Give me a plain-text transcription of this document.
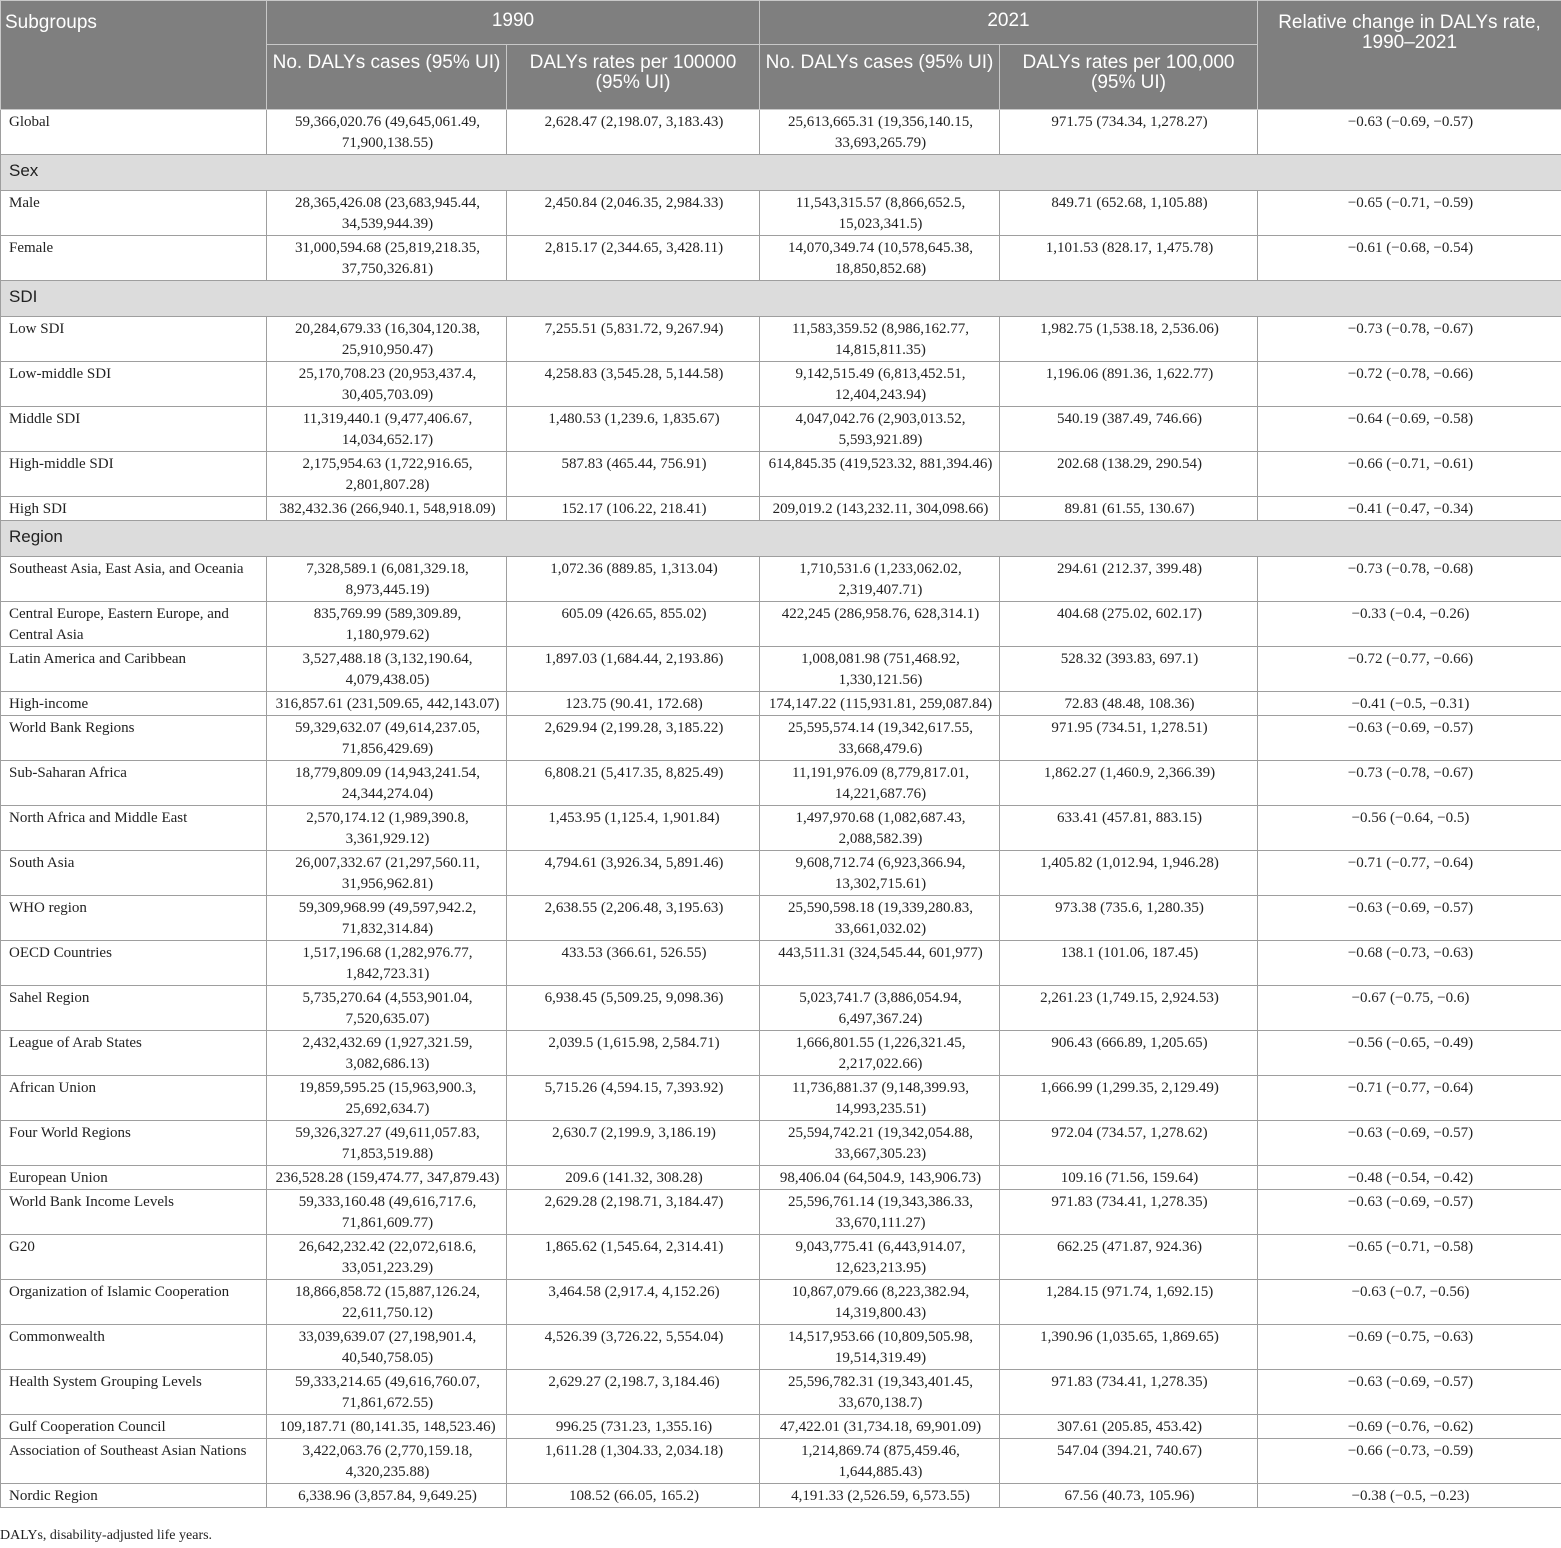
Subgroups	1990		2021		Relative change in DALYs rate, 1990–2021
	No. DALYs cases (95% UI)	DALYs rates per 100000 (95% UI)	No. DALYs cases (95% UI)	DALYs rates per 100,000 (95% UI)	
Global	59,366,020.76 (49,645,061.49, 71,900,138.55)	2,628.47 (2,198.07, 3,183.43)	25,613,665.31 (19,356,140.15, 33,693,265.79)	971.75 (734.34, 1,278.27)	−0.63 (−0.69, −0.57)
Sex					
Male	28,365,426.08 (23,683,945.44, 34,539,944.39)	2,450.84 (2,046.35, 2,984.33)	11,543,315.57 (8,866,652.5, 15,023,341.5)	849.71 (652.68, 1,105.88)	−0.65 (−0.71, −0.59)
Female	31,000,594.68 (25,819,218.35, 37,750,326.81)	2,815.17 (2,344.65, 3,428.11)	14,070,349.74 (10,578,645.38, 18,850,852.68)	1,101.53 (828.17, 1,475.78)	−0.61 (−0.68, −0.54)
SDI					
Low SDI	20,284,679.33 (16,304,120.38, 25,910,950.47)	7,255.51 (5,831.72, 9,267.94)	11,583,359.52 (8,986,162.77, 14,815,811.35)	1,982.75 (1,538.18, 2,536.06)	−0.73 (−0.78, −0.67)
Low-middle SDI	25,170,708.23 (20,953,437.4, 30,405,703.09)	4,258.83 (3,545.28, 5,144.58)	9,142,515.49 (6,813,452.51, 12,404,243.94)	1,196.06 (891.36, 1,622.77)	−0.72 (−0.78, −0.66)
Middle SDI	11,319,440.1 (9,477,406.67, 14,034,652.17)	1,480.53 (1,239.6, 1,835.67)	4,047,042.76 (2,903,013.52, 5,593,921.89)	540.19 (387.49, 746.66)	−0.64 (−0.69, −0.58)
High-middle SDI	2,175,954.63 (1,722,916.65, 2,801,807.28)	587.83 (465.44, 756.91)	614,845.35 (419,523.32, 881,394.46)	202.68 (138.29, 290.54)	−0.66 (−0.71, −0.61)
High SDI	382,432.36 (266,940.1, 548,918.09)	152.17 (106.22, 218.41)	209,019.2 (143,232.11, 304,098.66)	89.81 (61.55, 130.67)	−0.41 (−0.47, −0.34)
Region					
Southeast Asia, East Asia, and Oceania	7,328,589.1 (6,081,329.18, 8,973,445.19)	1,072.36 (889.85, 1,313.04)	1,710,531.6 (1,233,062.02, 2,319,407.71)	294.61 (212.37, 399.48)	−0.73 (−0.78, −0.68)
Central Europe, Eastern Europe, and Central Asia	835,769.99 (589,309.89, 1,180,979.62)	605.09 (426.65, 855.02)	422,245 (286,958.76, 628,314.1)	404.68 (275.02, 602.17)	−0.33 (−0.4, −0.26)
Latin America and Caribbean	3,527,488.18 (3,132,190.64, 4,079,438.05)	1,897.03 (1,684.44, 2,193.86)	1,008,081.98 (751,468.92, 1,330,121.56)	528.32 (393.83, 697.1)	−0.72 (−0.77, −0.66)
High-income	316,857.61 (231,509.65, 442,143.07)	123.75 (90.41, 172.68)	174,147.22 (115,931.81, 259,087.84)	72.83 (48.48, 108.36)	−0.41 (−0.5, −0.31)
World Bank Regions	59,329,632.07 (49,614,237.05, 71,856,429.69)	2,629.94 (2,199.28, 3,185.22)	25,595,574.14 (19,342,617.55, 33,668,479.6)	971.95 (734.51, 1,278.51)	−0.63 (−0.69, −0.57)
Sub-Saharan Africa	18,779,809.09 (14,943,241.54, 24,344,274.04)	6,808.21 (5,417.35, 8,825.49)	11,191,976.09 (8,779,817.01, 14,221,687.76)	1,862.27 (1,460.9, 2,366.39)	−0.73 (−0.78, −0.67)
North Africa and Middle East	2,570,174.12 (1,989,390.8, 3,361,929.12)	1,453.95 (1,125.4, 1,901.84)	1,497,970.68 (1,082,687.43, 2,088,582.39)	633.41 (457.81, 883.15)	−0.56 (−0.64, −0.5)
South Asia	26,007,332.67 (21,297,560.11, 31,956,962.81)	4,794.61 (3,926.34, 5,891.46)	9,608,712.74 (6,923,366.94, 13,302,715.61)	1,405.82 (1,012.94, 1,946.28)	−0.71 (−0.77, −0.64)
WHO region	59,309,968.99 (49,597,942.2, 71,832,314.84)	2,638.55 (2,206.48, 3,195.63)	25,590,598.18 (19,339,280.83, 33,661,032.02)	973.38 (735.6, 1,280.35)	−0.63 (−0.69, −0.57)
OECD Countries	1,517,196.68 (1,282,976.77, 1,842,723.31)	433.53 (366.61, 526.55)	443,511.31 (324,545.44, 601,977)	138.1 (101.06, 187.45)	−0.68 (−0.73, −0.63)
Sahel Region	5,735,270.64 (4,553,901.04, 7,520,635.07)	6,938.45 (5,509.25, 9,098.36)	5,023,741.7 (3,886,054.94, 6,497,367.24)	2,261.23 (1,749.15, 2,924.53)	−0.67 (−0.75, −0.6)
League of Arab States	2,432,432.69 (1,927,321.59, 3,082,686.13)	2,039.5 (1,615.98, 2,584.71)	1,666,801.55 (1,226,321.45, 2,217,022.66)	906.43 (666.89, 1,205.65)	−0.56 (−0.65, −0.49)
African Union	19,859,595.25 (15,963,900.3, 25,692,634.7)	5,715.26 (4,594.15, 7,393.92)	11,736,881.37 (9,148,399.93, 14,993,235.51)	1,666.99 (1,299.35, 2,129.49)	−0.71 (−0.77, −0.64)
Four World Regions	59,326,327.27 (49,611,057.83, 71,853,519.88)	2,630.7 (2,199.9, 3,186.19)	25,594,742.21 (19,342,054.88, 33,667,305.23)	972.04 (734.57, 1,278.62)	−0.63 (−0.69, −0.57)
European Union	236,528.28 (159,474.77, 347,879.43)	209.6 (141.32, 308.28)	98,406.04 (64,504.9, 143,906.73)	109.16 (71.56, 159.64)	−0.48 (−0.54, −0.42)
World Bank Income Levels	59,333,160.48 (49,616,717.6, 71,861,609.77)	2,629.28 (2,198.71, 3,184.47)	25,596,761.14 (19,343,386.33, 33,670,111.27)	971.83 (734.41, 1,278.35)	−0.63 (−0.69, −0.57)
G20	26,642,232.42 (22,072,618.6, 33,051,223.29)	1,865.62 (1,545.64, 2,314.41)	9,043,775.41 (6,443,914.07, 12,623,213.95)	662.25 (471.87, 924.36)	−0.65 (−0.71, −0.58)
Organization of Islamic Cooperation	18,866,858.72 (15,887,126.24, 22,611,750.12)	3,464.58 (2,917.4, 4,152.26)	10,867,079.66 (8,223,382.94, 14,319,800.43)	1,284.15 (971.74, 1,692.15)	−0.63 (−0.7, −0.56)
Commonwealth	33,039,639.07 (27,198,901.4, 40,540,758.05)	4,526.39 (3,726.22, 5,554.04)	14,517,953.66 (10,809,505.98, 19,514,319.49)	1,390.96 (1,035.65, 1,869.65)	−0.69 (−0.75, −0.63)
Health System Grouping Levels	59,333,214.65 (49,616,760.07, 71,861,672.55)	2,629.27 (2,198.7, 3,184.46)	25,596,782.31 (19,343,401.45, 33,670,138.7)	971.83 (734.41, 1,278.35)	−0.63 (−0.69, −0.57)
Gulf Cooperation Council	109,187.71 (80,141.35, 148,523.46)	996.25 (731.23, 1,355.16)	47,422.01 (31,734.18, 69,901.09)	307.61 (205.85, 453.42)	−0.69 (−0.76, −0.62)
Association of Southeast Asian Nations	3,422,063.76 (2,770,159.18, 4,320,235.88)	1,611.28 (1,304.33, 2,034.18)	1,214,869.74 (875,459.46, 1,644,885.43)	547.04 (394.21, 740.67)	−0.66 (−0.73, −0.59)
Nordic Region	6,338.96 (3,857.84, 9,649.25)	108.52 (66.05, 165.2)	4,191.33 (2,526.59, 6,573.55)	67.56 (40.73, 105.96)	−0.38 (−0.5, −0.23)
DALYs, disability-adjusted life years.
